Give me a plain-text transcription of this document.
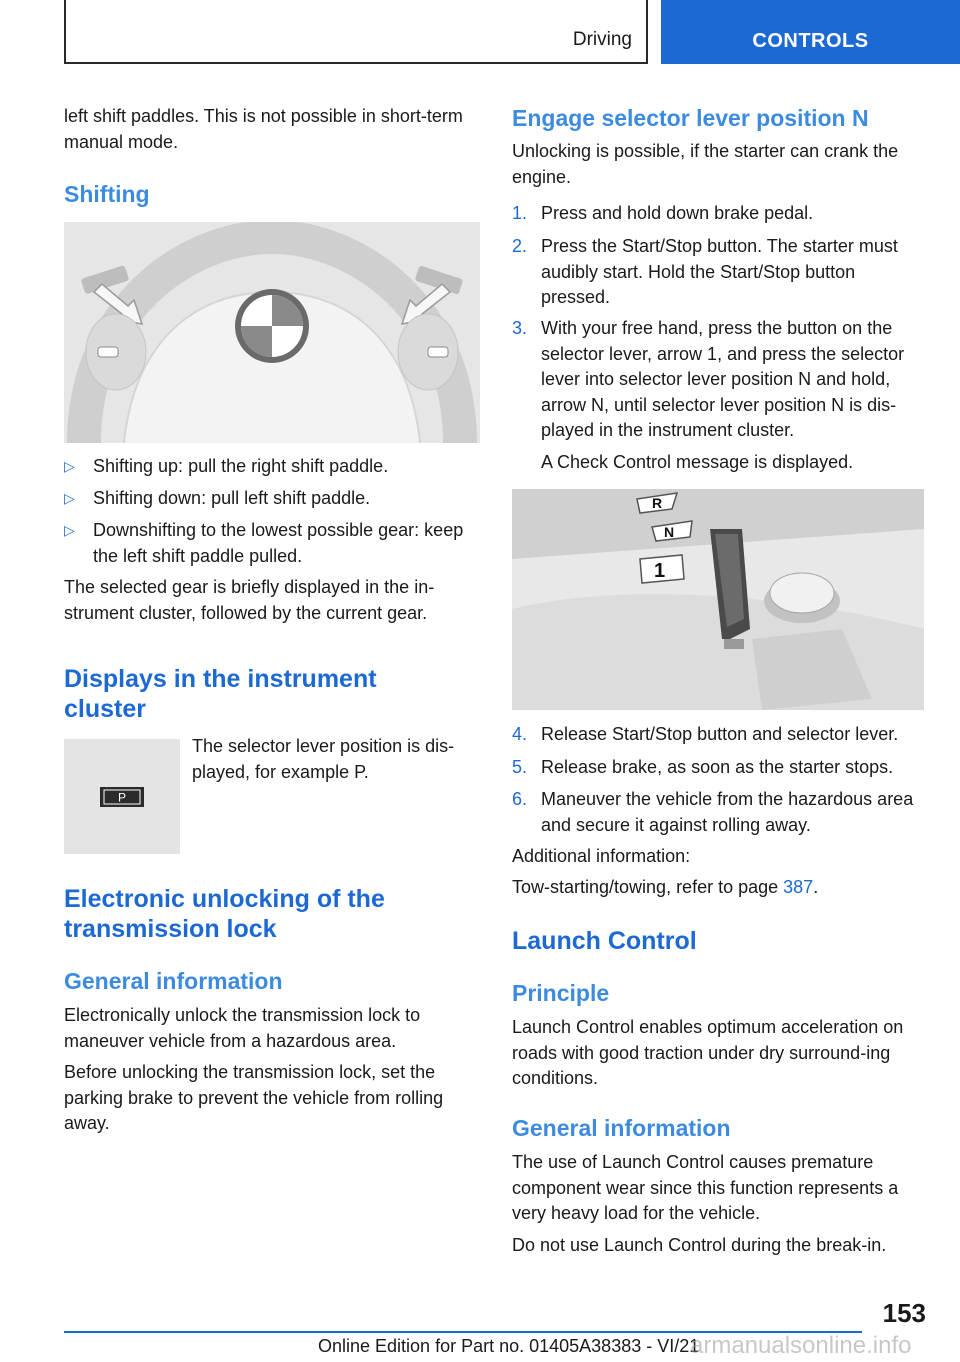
Driving	CONTROLS

left shift paddles. This is not possible in short-term manual mode.

Shifting
▷	Shifting up: pull the right shift paddle.
▷	Shifting down: pull left shift paddle.
▷	Downshifting to the lowest possible gear: keep the left shift paddle pulled.

The selected gear is briefly displayed in the in-strument cluster, followed by the current gear.

Displays in the instrument cluster
P

The selector lever position is dis-played, for example P.

Electronic unlocking of the transmission lock
General information

Electronically unlock the transmission lock to maneuver vehicle from a hazardous area.

Before unlocking the transmission lock, set the parking brake to prevent the vehicle from rolling away.

Engage selector lever position N

Unlocking is possible, if the starter can crank the engine.

1. Press and hold down brake pedal.
2. Press the Start/Stop button. The starter must audibly start. Hold the Start/Stop button pressed.
3. With your free hand, press the button on the selector lever, arrow 1, and press the selector lever into selector lever position N and hold, arrow N, until selector lever position N is dis-played in the instrument cluster.

A Check Control message is displayed.

R
N
1
4. Release Start/Stop button and selector lever.
5. Release brake, as soon as the starter stops.
6. Maneuver the vehicle from the hazardous area and secure it against rolling away.

Additional information:

Tow-starting/towing, refer to page 387.

Launch Control
Principle

Launch Control enables optimum acceleration on roads with good traction under dry surround-ing conditions.

General information

The use of Launch Control causes premature component wear since this function represents a very heavy load for the vehicle.

Do not use Launch Control during the break-in.

153
Online Edition for Part no. 01405A38383 - VI/21
armanualsonline.info
